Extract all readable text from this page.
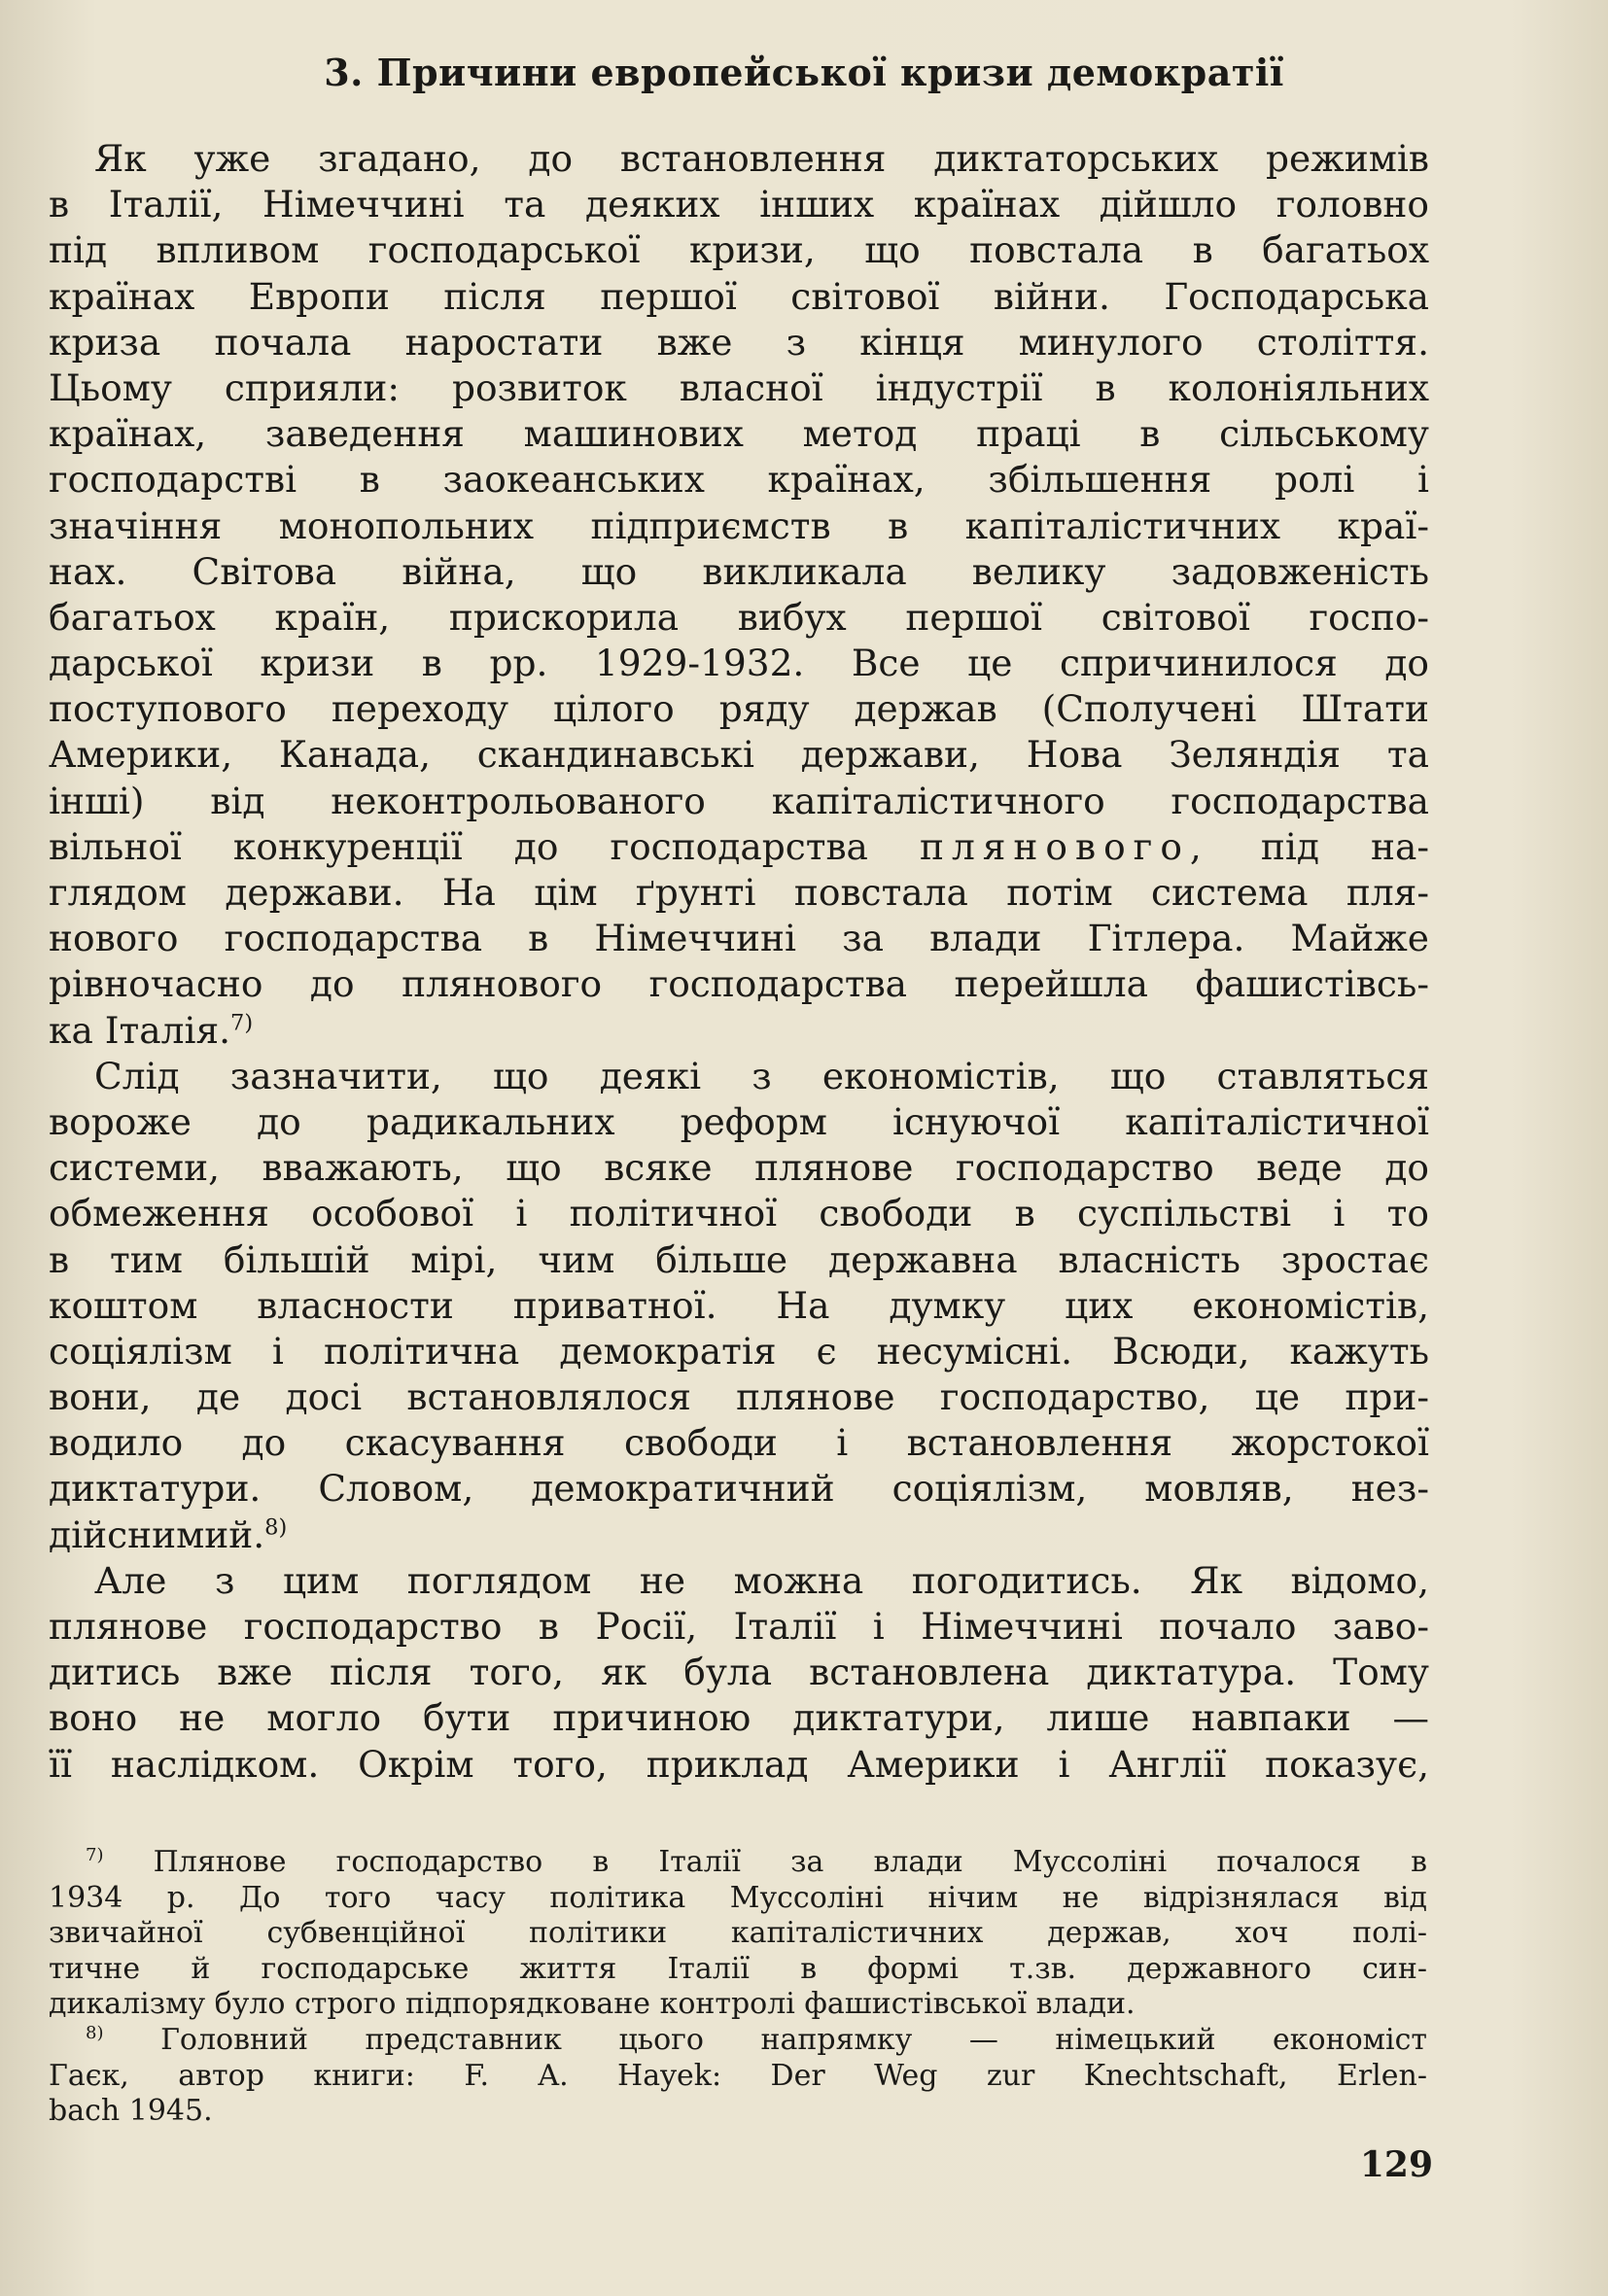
3. Причини европейської кризи демократії
Як уже згадано, до встановлення диктаторських режимів
в Італії, Німеччині та деяких інших країнах дійшло головно
під впливом господарської кризи, що повстала в багатьох
країнах Европи після першої світової війни. Господарська
криза почала наростати вже з кінця минулого століття.
Цьому сприяли: розвиток власної індустрії в колоніяльних
країнах, заведення машинових метод праці в сільському
господарстві в заокеанських країнах, збільшення ролі і
значіння монопольних підприємств в капіталістичних краї-
нах. Світова війна, що викликала велику задовженість
багатьох країн, прискорила вибух першої світової госпо-
дарської кризи в рр. 1929-1932. Все це спричинилося до
поступового переходу цілого ряду держав (Сполучені Штати
Америки, Канада, скандинавські держави, Нова Зеляндія та
інші) від неконтрольованого капіталістичного господарства
вільної конкуренції до господарства плянового, під на-
глядом держави. На цім ґрунті повстала потім система пля-
нового господарства в Німеччині за влади Гітлера. Майже
рівночасно до плянового господарства перейшла фашистівсь-
ка Італія.$^{7)}$
Слід зазначити, що деякі з економістів, що ставляться
вороже до радикальних реформ існуючої капіталістичної
системи, вважають, що всяке плянове господарство веде до
обмеження особової і політичної свободи в суспільстві і то
в тим більшій мірі, чим більше державна власність зростає
коштом власности приватної. На думку цих економістів,
соціялізм і політична демократія є несумісні. Всюди, кажуть
вони, де досі встановлялося плянове господарство, це при-
водило до скасування свободи і встановлення жорстокої
диктатури. Словом, демократичний соціялізм, мовляв, нез-
дійснимий.$^{8)}$
Але з цим поглядом не можна погодитись. Як відомо,
плянове господарство в Росії, Італії і Німеччині почало заво-
дитись вже після того, як була встановлена диктатура. Тому
воно не могло бути причиною диктатури, лише навпаки —
її наслідком. Окрім того, приклад Америки і Англії показує,
$^{7)}$ Плянове господарство в Італії за влади Муссоліні почалося в
1934 р. До того часу політика Муссоліні нічим не відрізнялася від
звичайної субвенційної політики капіталістичних держав, хоч полі-
тичне й господарське життя Італії в формі т.зв. державного син-
дикалізму було строго підпорядковане контролі фашистівської влади.
$^{8)}$ Головний представник цього напрямку — німецький економіст
Гаєк, автор книги: F. A. Hayek: Der Weg zur Knechtschaft, Erlen-
bach 1945.
129
